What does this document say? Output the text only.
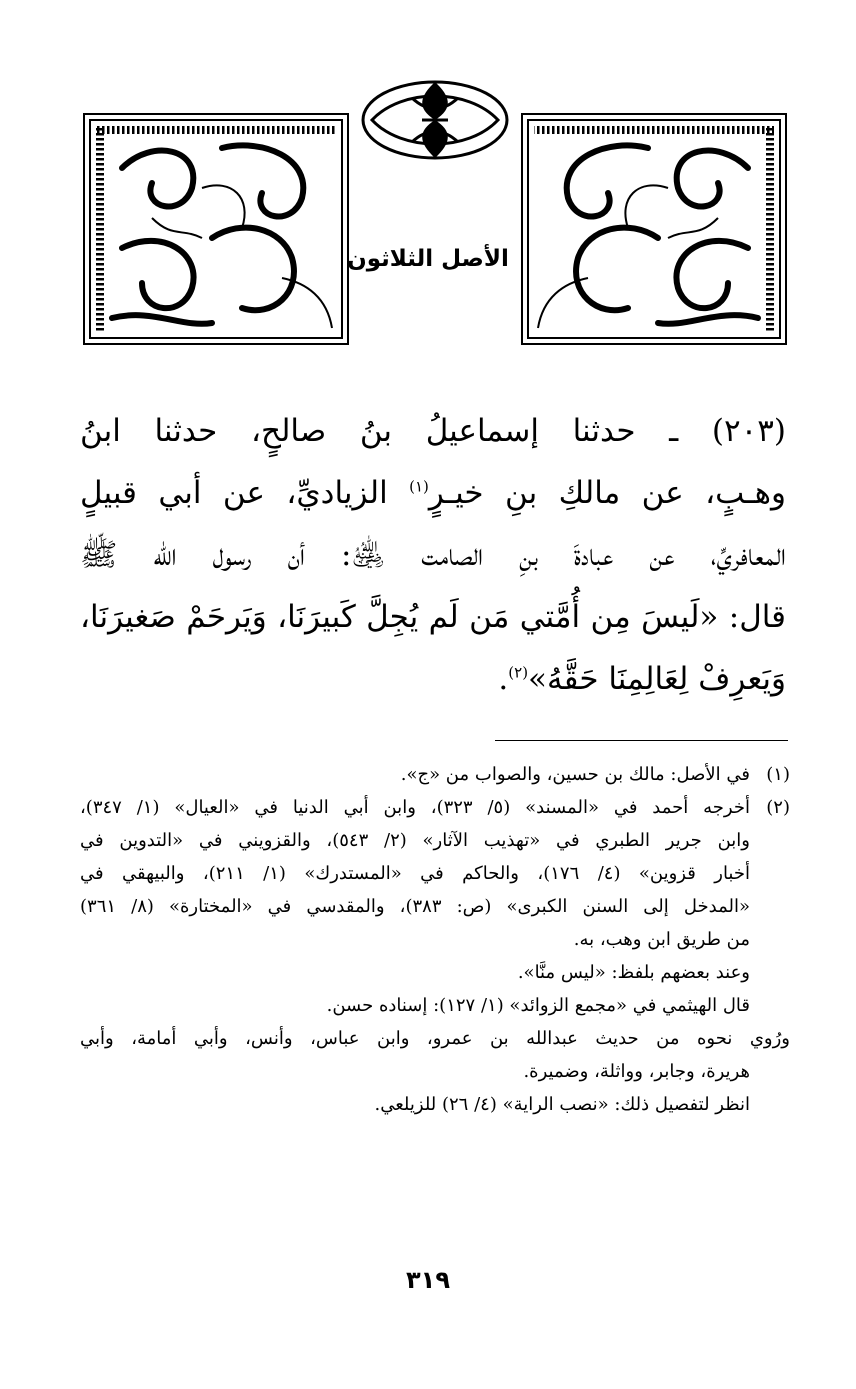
الأصل الثلاثون
(٢٠٣) ـ حدثنا إسماعيلُ بنُ صالحٍ، حدثنا ابنُ
وهـبٍ، عن مالكِ بنِ خيـرٍ$^{(١)}$ الزياديِّ، عن أبي قبيلٍ
المعافريِّ، عن عبادةَ بنِ الصامت ﵁: أن رسول الله ﷺ
قال: «لَيسَ مِن أُمَّتي مَن لَم يُجِلَّ كَبيرَنَا، وَيَرحَمْ صَغيرَنَا،
وَيَعرِفْ لِعَالِمِنَا حَقَّهُ»$^{(٢)}$.
(١)
في الأصل: مالك بن حسين، والصواب من «ج».
(٢)
أخرجه أحمد في «المسند» (٥/ ٣٢٣)، وابن أبي الدنيا في «العيال» (١/ ٣٤٧)،
وابن جرير الطبري في «تهذيب الآثار» (٢/ ٥٤٣)، والقزويني في «التدوين في
أخبار قزوين» (٤/ ١٧٦)، والحاكم في «المستدرك» (١/ ٢١١)، والبيهقي في
«المدخل إلى السنن الكبرى» (ص: ٣٨٣)، والمقدسي في «المختارة» (٨/ ٣٦١)
من طريق ابن وهب، به.
وعند بعضهم بلفظ: «ليس منَّا».
قال الهيثمي في «مجمع الزوائد» (١/ ١٢٧): إسناده حسن.
ورُوي نحوه من حديث عبدالله بن عمرو، وابن عباس، وأنس، وأبي أمامة، وأبي
هريرة، وجابر، وواثلة، وضميرة.
انظر لتفصيل ذلك: «نصب الراية» (٤/ ٢٦) للزيلعي.
٣١٩
